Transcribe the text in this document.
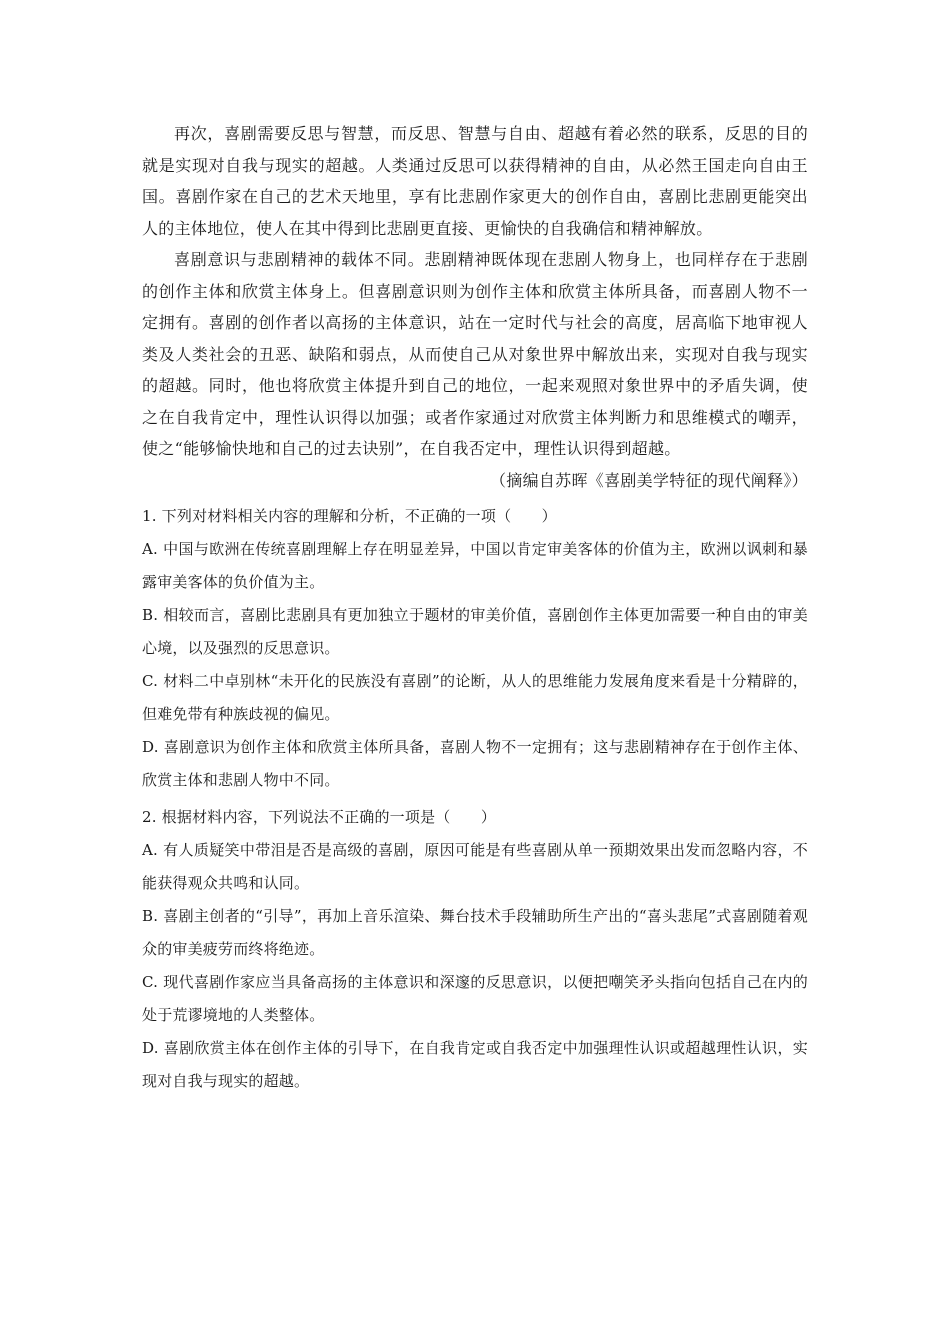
再次，喜剧需要反思与智慧，而反思、智慧与自由、超越有着必然的联系，反思的目的就是实现对自我与现实的超越。人类通过反思可以获得精神的自由，从必然王国走向自由王国。喜剧作家在自己的艺术天地里，享有比悲剧作家更大的创作自由，喜剧比悲剧更能突出人的主体地位，使人在其中得到比悲剧更直接、更愉快的自我确信和精神解放。

喜剧意识与悲剧精神的载体不同。悲剧精神既体现在悲剧人物身上，也同样存在于悲剧的创作主体和欣赏主体身上。但喜剧意识则为创作主体和欣赏主体所具备，而喜剧人物不一定拥有。喜剧的创作者以高扬的主体意识，站在一定时代与社会的高度，居高临下地审视人类及人类社会的丑恶、缺陷和弱点，从而使自己从对象世界中解放出来，实现对自我与现实的超越。同时，他也将欣赏主体提升到自己的地位，一起来观照对象世界中的矛盾失调，使之在自我肯定中，理性认识得以加强；或者作家通过对欣赏主体判断力和思维模式的嘲弄，使之“能够愉快地和自己的过去诀别”，在自我否定中，理性认识得到超越。

（摘编自苏晖《喜剧美学特征的现代阐释》）

1. 下列对材料相关内容的理解和分析，不正确的一项（　　）

A. 中国与欧洲在传统喜剧理解上存在明显差异，中国以肯定审美客体的价值为主，欧洲以讽刺和暴露审美客体的负价值为主。

B. 相较而言，喜剧比悲剧具有更加独立于题材的审美价值，喜剧创作主体更加需要一种自由的审美心境，以及强烈的反思意识。

C. 材料二中卓别林“未开化的民族没有喜剧”的论断，从人的思维能力发展角度来看是十分精辟的，但难免带有种族歧视的偏见。

D. 喜剧意识为创作主体和欣赏主体所具备，喜剧人物不一定拥有；这与悲剧精神存在于创作主体、欣赏主体和悲剧人物中不同。

2. 根据材料内容，下列说法不正确的一项是（　　）

A. 有人质疑笑中带泪是否是高级的喜剧，原因可能是有些喜剧从单一预期效果出发而忽略内容，不能获得观众共鸣和认同。

B. 喜剧主创者的“引导”，再加上音乐渲染、舞台技术手段辅助所生产出的“喜头悲尾”式喜剧随着观众的审美疲劳而终将绝迹。

C. 现代喜剧作家应当具备高扬的主体意识和深邃的反思意识，以便把嘲笑矛头指向包括自己在内的处于荒谬境地的人类整体。

D. 喜剧欣赏主体在创作主体的引导下，在自我肯定或自我否定中加强理性认识或超越理性认识，实现对自我与现实的超越。
